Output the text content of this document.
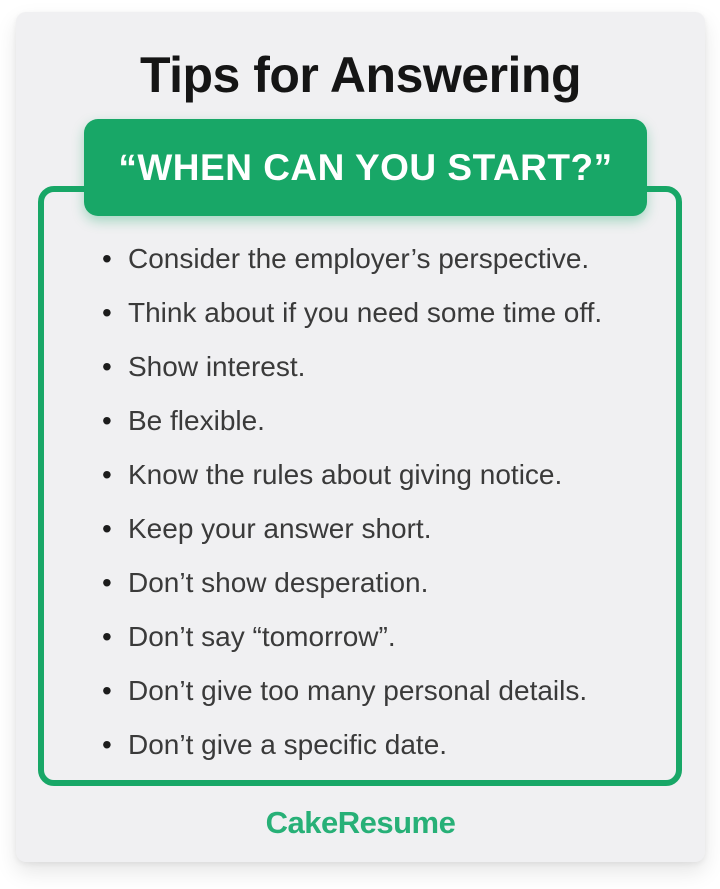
Tips for Answering
“WHEN CAN YOU START?”
• Consider the employer’s perspective.
• Think about if you need some time off.
• Show interest.
• Be flexible.
• Know the rules about giving notice.
• Keep your answer short.
• Don’t show desperation.
• Don’t say “tomorrow”.
• Don’t give too many personal details.
• Don’t give a specific date.
CakeResume
